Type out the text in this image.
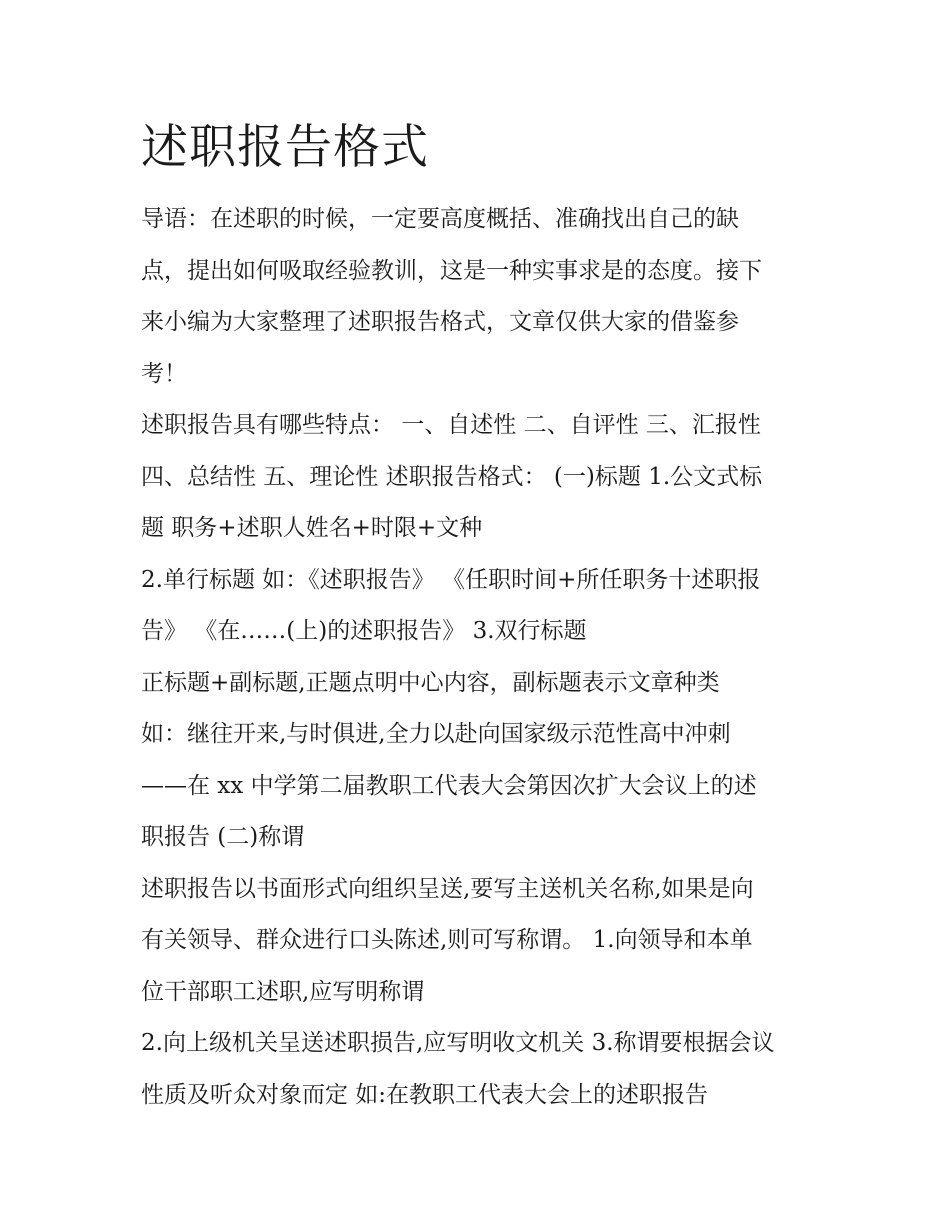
述职报告格式

导语：在述职的时候，一定要高度概括、准确找出自己的缺
点，提出如何吸取经验教训，这是一种实事求是的态度。接下
来小编为大家整理了述职报告格式，文章仅供大家的借鉴参
考！

述职报告具有哪些特点： 一、自述性 二、自评性 三、汇报性
四、总结性 五、理论性 述职报告格式： (一)标题 1.公文式标
题 职务+述职人姓名+时限+文种

2.单行标题 如：《述职报告》 《任职时间+所任职务十述职报
告》 《在……(上)的述职报告》 3.双行标题

正标题+副标题,正题点明中心内容，副标题表示文章种类

如：继往开来,与时俱进,全力以赴向国家级示范性高中冲刺
——在 xx 中学第二届教职工代表大会第因次扩大会议上的述
职报告 (二)称谓

述职报告以书面形式向组织呈送,要写主送机关名称,如果是向
有关领导、群众进行口头陈述,则可写称谓。 1.向领导和本单
位干部职工述职,应写明称谓

2.向上级机关呈送述职损告,应写明收文机关 3.称谓要根据会议
性质及听众对象而定 如:在教职工代表大会上的述职报告
